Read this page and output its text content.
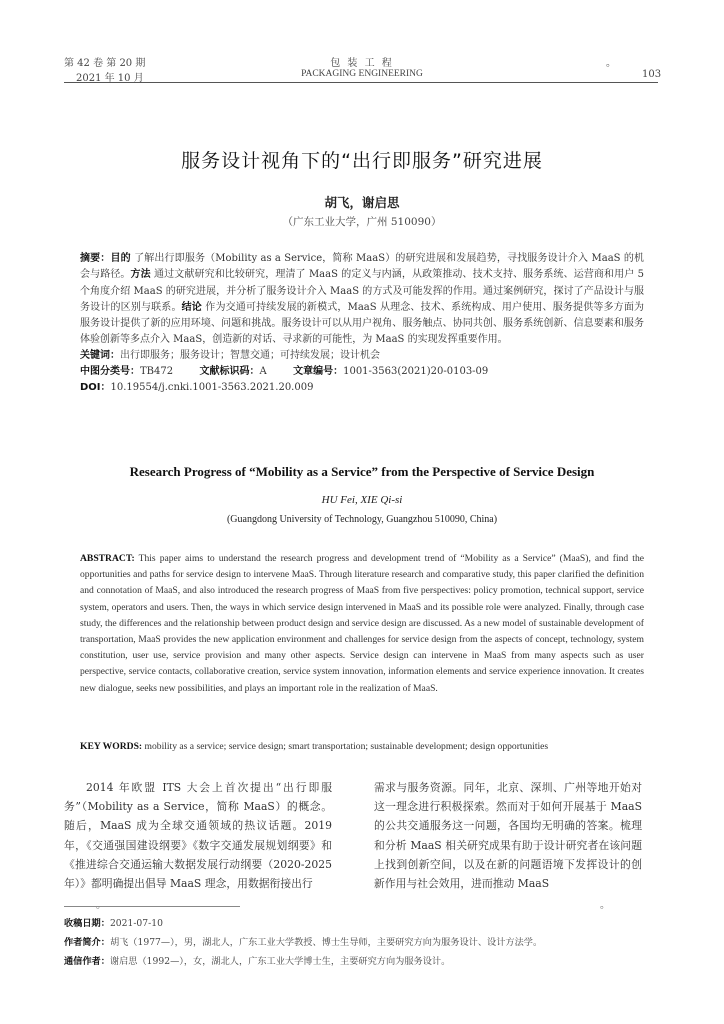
第 42 卷 第 20 期
2021 年 10 月
包 装 工 程
PACKAGING ENGINEERING
。
103
服务设计视角下的“出行即服务”研究进展
胡飞，谢启思
（广东工业大学，广州 510090）
摘要：目的 了解出行即服务（Mobility as a Service，简称 MaaS）的研究进展和发展趋势，寻找服务设计介入 MaaS 的机会与路径。方法 通过文献研究和比较研究，理清了 MaaS 的定义与内涵，从政策推动、技术支持、服务系统、运营商和用户 5 个角度介绍 MaaS 的研究进展，并分析了服务设计介入 MaaS 的方式及可能发挥的作用。通过案例研究，探讨了产品设计与服务设计的区别与联系。结论 作为交通可持续发展的新模式，MaaS 从理念、技术、系统构成、用户使用、服务提供等多方面为服务设计提供了新的应用环境、问题和挑战。服务设计可以从用户视角、服务触点、协同共创、服务系统创新、信息要素和服务体验创新等多点介入 MaaS，创造新的对话、寻求新的可能性，为 MaaS 的实现发挥重要作用。
关键词：出行即服务；服务设计；智慧交通；可持续发展；设计机会
中图分类号：TB472	文献标识码：A	文章编号：1001-3563(2021)20-0103-09
DOI：10.19554/j.cnki.1001-3563.2021.20.009
Research Progress of “Mobility as a Service” from the Perspective of Service Design
HU Fei, XIE Qi-si
(Guangdong University of Technology, Guangzhou 510090, China)
ABSTRACT: This paper aims to understand the research progress and development trend of “Mobility as a Service” (MaaS), and find the opportunities and paths for service design to intervene MaaS. Through literature research and comparative study, this paper clarified the definition and connotation of MaaS, and also introduced the research progress of MaaS from five perspectives: policy promotion, technical support, service system, operators and users. Then, the ways in which service design intervened in MaaS and its possible role were analyzed. Finally, through case study, the differences and the relationship between product design and service design are discussed. As a new model of sustainable development of transportation, MaaS provides the new application environment and challenges for service design from the aspects of concept, technology, system constitution, user use, service provision and many other aspects. Service design can intervene in MaaS from many aspects such as user perspective, service contacts, collaborative creation, service system innovation, information elements and service experience innovation. It creates new dialogue, seeks new possibilities, and plays an important role in the realization of MaaS.
KEY WORDS: mobility as a service; service design; smart transportation; sustainable development; design opportunities
2014 年欧盟 ITS 大会上首次提出“出行即服务”（Mobility as a Service，简称 MaaS）的概念。随后，MaaS 成为全球交通领域的热议话题。2019 年，《交通强国建设纲要》《数字交通发展规划纲要》和《推进综合交通运输大数据发展行动纲要（2020-2025 年）》都明确提出倡导 MaaS 理念，用数据衔接出行
需求与服务资源。同年，北京、深圳、广州等地开始对这一理念进行积极探索。然而对于如何开展基于 MaaS 的公共交通服务这一问题，各国均无明确的答案。梳理和分析 MaaS 相关研究成果有助于设计研究者在该问题上找到创新空间，以及在新的问题语境下发挥设计的创新作用与社会效用，进而推动 MaaS
。	。
收稿日期：2021-07-10
作者简介：胡飞（1977—），男，湖北人，广东工业大学教授、博士生导师，主要研究方向为服务设计、设计方法学。
通信作者：谢启思（1992—），女，湖北人，广东工业大学博士生，主要研究方向为服务设计。
